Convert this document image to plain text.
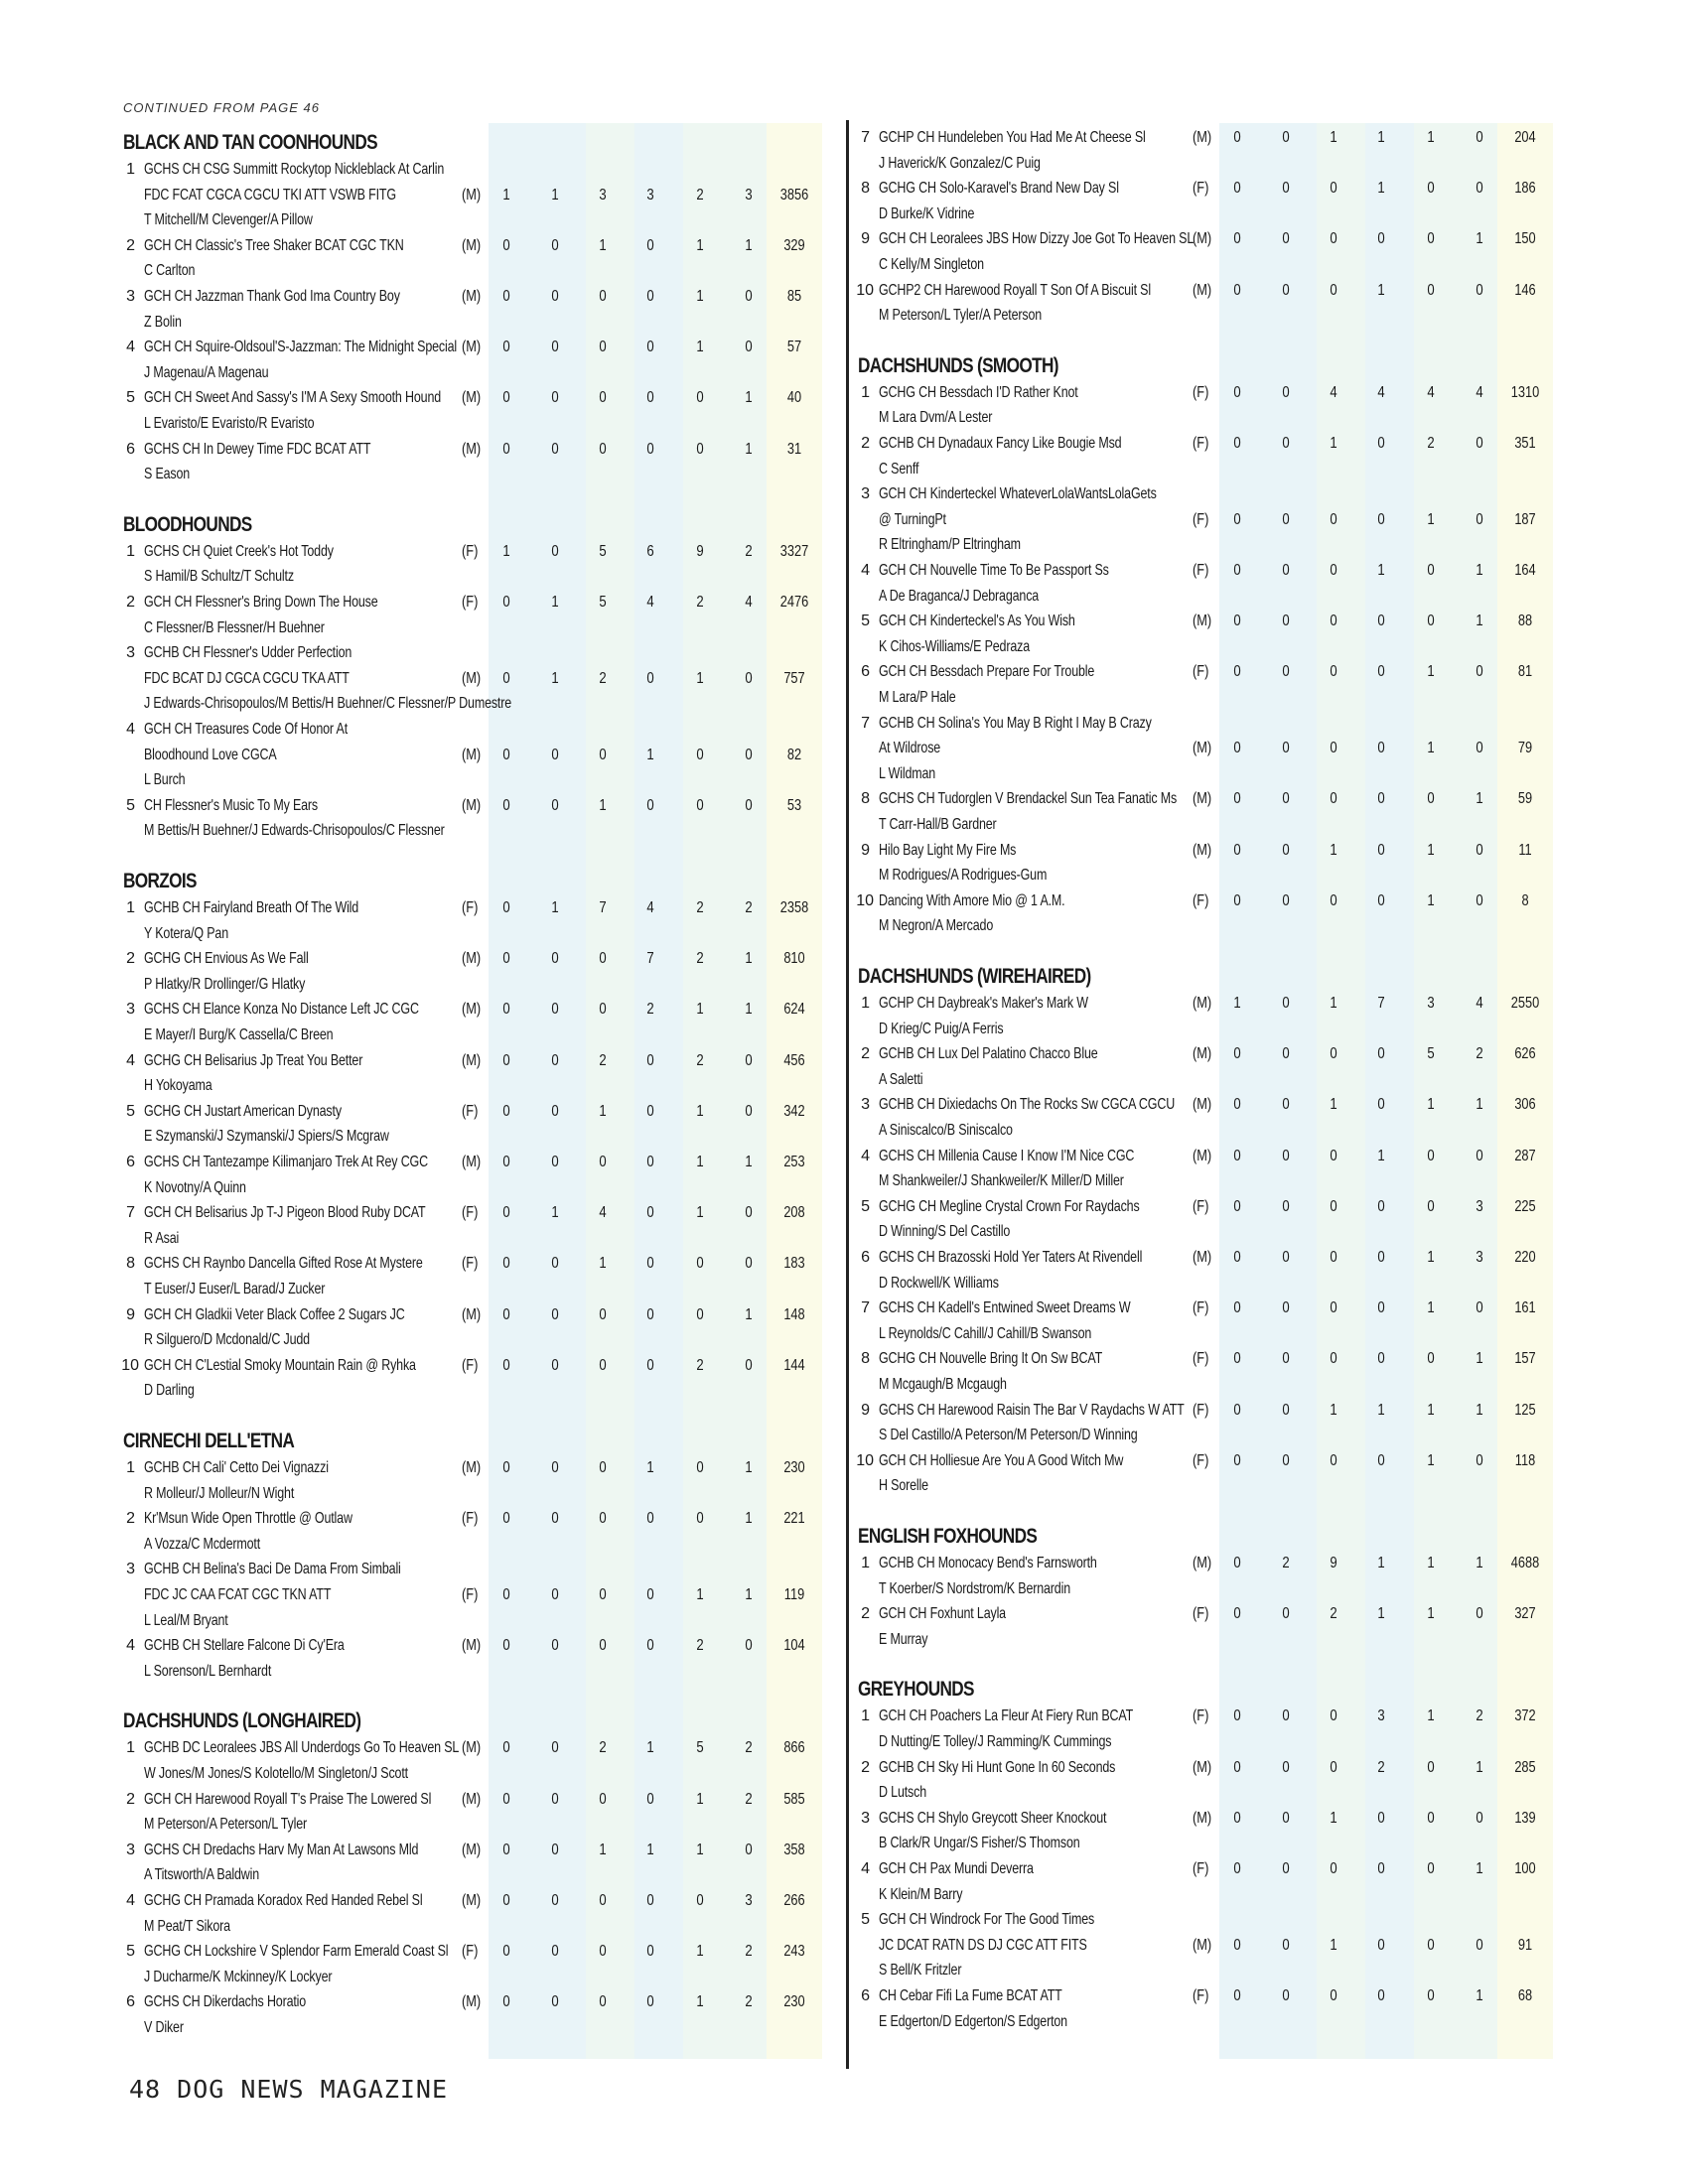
CONTINUED FROM PAGE 46
BLACK AND TAN COONHOUNDS
1 GCHS CH CSG Summitt Rockytop Nickleblack At Carlin
FDC FCAT CGCA CGCU TKI ATT VSWB FITG
T Mitchell/M Clevenger/A Pillow
(M)	1	1	3	3	2	3	3856
2 GCH CH Classic's Tree Shaker BCAT CGC TKN
C Carlton
(M)	0	0	1	0	1	1	329
3 GCH CH Jazzman Thank God Ima Country Boy
Z Bolin
(M)	0	0	0	0	1	0	85
4 GCH CH Squire-Oldsoul'S-Jazzman: The Midnight Special
J Magenau/A Magenau
(M)	0	0	0	0	1	0	57
5 GCH CH Sweet And Sassy's I'M A Sexy Smooth Hound
L Evaristo/E Evaristo/R Evaristo
(M)	0	0	0	0	0	1	40
6 GCHS CH In Dewey Time FDC BCAT ATT
S Eason
(M)	0	0	0	0	0	1	31
BLOODHOUNDS
1 GCHS CH Quiet Creek's Hot Toddy
S Hamil/B Schultz/T Schultz
(F)	1	0	5	6	9	2	3327
2 GCH CH Flessner's Bring Down The House
C Flessner/B Flessner/H Buehner
(F)	0	1	5	4	2	4	2476
3 GCHB CH Flessner's Udder Perfection
FDC BCAT DJ CGCA CGCU TKA ATT
J Edwards-Chrisopoulos/M Bettis/H Buehner/C Flessner/P Dumestre
(M)	0	1	2	0	1	0	757
4 GCH CH Treasures Code Of Honor At
Bloodhound Love CGCA
L Burch
(M)	0	0	0	1	0	0	82
5 CH Flessner's Music To My Ears
M Bettis/H Buehner/J Edwards-Chrisopoulos/C Flessner
(M)	0	0	1	0	0	0	53
BORZOIS
1 GCHB CH Fairyland Breath Of The Wild
Y Kotera/Q Pan
(F)	0	1	7	4	2	2	2358
2 GCHG CH Envious As We Fall
P Hlatky/R Drollinger/G Hlatky
(M)	0	0	0	7	2	1	810
3 GCHS CH Elance Konza No Distance Left JC CGC
E Mayer/I Burg/K Cassella/C Breen
(M)	0	0	0	2	1	1	624
4 GCHG CH Belisarius Jp Treat You Better
H Yokoyama
(M)	0	0	2	0	2	0	456
5 GCHG CH Justart American Dynasty
E Szymanski/J Szymanski/J Spiers/S Mcgraw
(F)	0	0	1	0	1	0	342
6 GCHS CH Tantezampe Kilimanjaro Trek At Rey CGC
K Novotny/A Quinn
(M)	0	0	0	0	1	1	253
7 GCH CH Belisarius Jp T-J Pigeon Blood Ruby DCAT
R Asai
(F)	0	1	4	0	1	0	208
8 GCHS CH Raynbo Dancella Gifted Rose At Mystere
T Euser/J Euser/L Barad/J Zucker
(F)	0	0	1	0	0	0	183
9 GCH CH Gladkii Veter Black Coffee 2 Sugars JC
R Silguero/D Mcdonald/C Judd
(M)	0	0	0	0	0	1	148
10 GCH CH C'Lestial Smoky Mountain Rain @ Ryhka
D Darling
(F)	0	0	0	0	2	0	144
CIRNECHI DELL'ETNA
1 GCHB CH Cali' Cetto Dei Vignazzi
R Molleur/J Molleur/N Wight
(M)	0	0	0	1	0	1	230
2 Kr'Msun Wide Open Throttle @ Outlaw
A Vozza/C Mcdermott
(F)	0	0	0	0	0	1	221
3 GCHB CH Belina's Baci De Dama From Simbali
FDC JC CAA FCAT CGC TKN ATT
L Leal/M Bryant
(F)	0	0	0	0	1	1	119
4 GCHB CH Stellare Falcone Di Cy'Era
L Sorenson/L Bernhardt
(M)	0	0	0	0	2	0	104
DACHSHUNDS (LONGHAIRED)
1 GCHB DC Leoralees JBS All Underdogs Go To Heaven SL
W Jones/M Jones/S Kolotello/M Singleton/J Scott
(M)	0	0	2	1	5	2	866
2 GCH CH Harewood Royall T's Praise The Lowered Sl
M Peterson/A Peterson/L Tyler
(M)	0	0	0	0	1	2	585
3 GCHS CH Dredachs Harv My Man At Lawsons Mld
A Titsworth/A Baldwin
(M)	0	0	1	1	1	0	358
4 GCHG CH Pramada Koradox Red Handed Rebel Sl
M Peat/T Sikora
(M)	0	0	0	0	0	3	266
5 GCHG CH Lockshire V Splendor Farm Emerald Coast Sl
J Ducharme/K Mckinney/K Lockyer
(F)	0	0	0	0	1	2	243
6 GCHS CH Dikerdachs Horatio
V Diker
(M)	0	0	0	0	1	2	230
7 GCHP CH Hundeleben You Had Me At Cheese Sl
J Haverick/K Gonzalez/C Puig
(M)	0	0	1	1	1	0	204
8 GCHG CH Solo-Karavel's Brand New Day Sl
D Burke/K Vidrine
(F)	0	0	0	1	0	0	186
9 GCH CH Leoralees JBS How Dizzy Joe Got To Heaven SL
C Kelly/M Singleton
(M)	0	0	0	0	0	1	150
10 GCHP2 CH Harewood Royall T Son Of A Biscuit Sl
M Peterson/L Tyler/A Peterson
(M)	0	0	0	1	0	0	146
DACHSHUNDS (SMOOTH)
1 GCHG CH Bessdach I'D Rather Knot
M Lara Dvm/A Lester
(F)	0	0	4	4	4	4	1310
2 GCHB CH Dynadaux Fancy Like Bougie Msd
C Senff
(F)	0	0	1	0	2	0	351
3 GCH CH Kinderteckel WhateverLolaWantsLolaGets
@ TurningPt
R Eltringham/P Eltringham
(F)	0	0	0	0	1	0	187
4 GCH CH Nouvelle Time To Be Passport Ss
A De Braganca/J Debraganca
(F)	0	0	0	1	0	1	164
5 GCH CH Kinderteckel's As You Wish
K Cihos-Williams/E Pedraza
(M)	0	0	0	0	0	1	88
6 GCH CH Bessdach Prepare For Trouble
M Lara/P Hale
(F)	0	0	0	0	1	0	81
7 GCHB CH Solina's You May B Right I May B Crazy
At Wildrose
L Wildman
(M)	0	0	0	0	1	0	79
8 GCHS CH Tudorglen V Brendackel Sun Tea Fanatic Ms
T Carr-Hall/B Gardner
(M)	0	0	0	0	0	1	59
9 Hilo Bay Light My Fire Ms
M Rodrigues/A Rodrigues-Gum
(M)	0	0	1	0	1	0	11
10 Dancing With Amore Mio @ 1 A.M.
M Negron/A Mercado
(F)	0	0	0	0	1	0	8
DACHSHUNDS (WIREHAIRED)
1 GCHP CH Daybreak's Maker's Mark W
D Krieg/C Puig/A Ferris
(M)	1	0	1	7	3	4	2550
2 GCHB CH Lux Del Palatino Chacco Blue
A Saletti
(M)	0	0	0	0	5	2	626
3 GCHB CH Dixiedachs On The Rocks Sw CGCA CGCU
A Siniscalco/B Siniscalco
(M)	0	0	1	0	1	1	306
4 GCHS CH Millenia Cause I Know I'M Nice CGC
M Shankweiler/J Shankweiler/K Miller/D Miller
(M)	0	0	0	1	0	0	287
5 GCHG CH Megline Crystal Crown For Raydachs
D Winning/S Del Castillo
(F)	0	0	0	0	0	3	225
6 GCHS CH Brazosski Hold Yer Taters At Rivendell
D Rockwell/K Williams
(M)	0	0	0	0	1	3	220
7 GCHS CH Kadell's Entwined Sweet Dreams W
L Reynolds/C Cahill/J Cahill/B Swanson
(F)	0	0	0	0	1	0	161
8 GCHG CH Nouvelle Bring It On Sw BCAT
M Mcgaugh/B Mcgaugh
(F)	0	0	0	0	0	1	157
9 GCHS CH Harewood Raisin The Bar V Raydachs W ATT
S Del Castillo/A Peterson/M Peterson/D Winning
(F)	0	0	1	1	1	1	125
10 GCH CH Holliesue Are You A Good Witch Mw
H Sorelle
(F)	0	0	0	0	1	0	118
ENGLISH FOXHOUNDS
1 GCHB CH Monocacy Bend's Farnsworth
T Koerber/S Nordstrom/K Bernardin
(M)	0	2	9	1	1	1	4688
2 GCH CH Foxhunt Layla
E Murray
(F)	0	0	2	1	1	0	327
GREYHOUNDS
1 GCH CH Poachers La Fleur At Fiery Run BCAT
D Nutting/E Tolley/J Ramming/K Cummings
(F)	0	0	0	3	1	2	372
2 GCHB CH Sky Hi Hunt Gone In 60 Seconds
D Lutsch
(M)	0	0	0	2	0	1	285
3 GCHS CH Shylo Greycott Sheer Knockout
B Clark/R Ungar/S Fisher/S Thomson
(M)	0	0	1	0	0	0	139
4 GCH CH Pax Mundi Deverra
K Klein/M Barry
(F)	0	0	0	0	0	1	100
5 GCH CH Windrock For The Good Times
JC DCAT RATN DS DJ CGC ATT FITS
S Bell/K Fritzler
(M)	0	0	1	0	0	0	91
6 CH Cebar Fifi La Fume BCAT ATT
E Edgerton/D Edgerton/S Edgerton
(F)	0	0	0	0	0	1	68
48 DOG NEWS MAGAZINE
